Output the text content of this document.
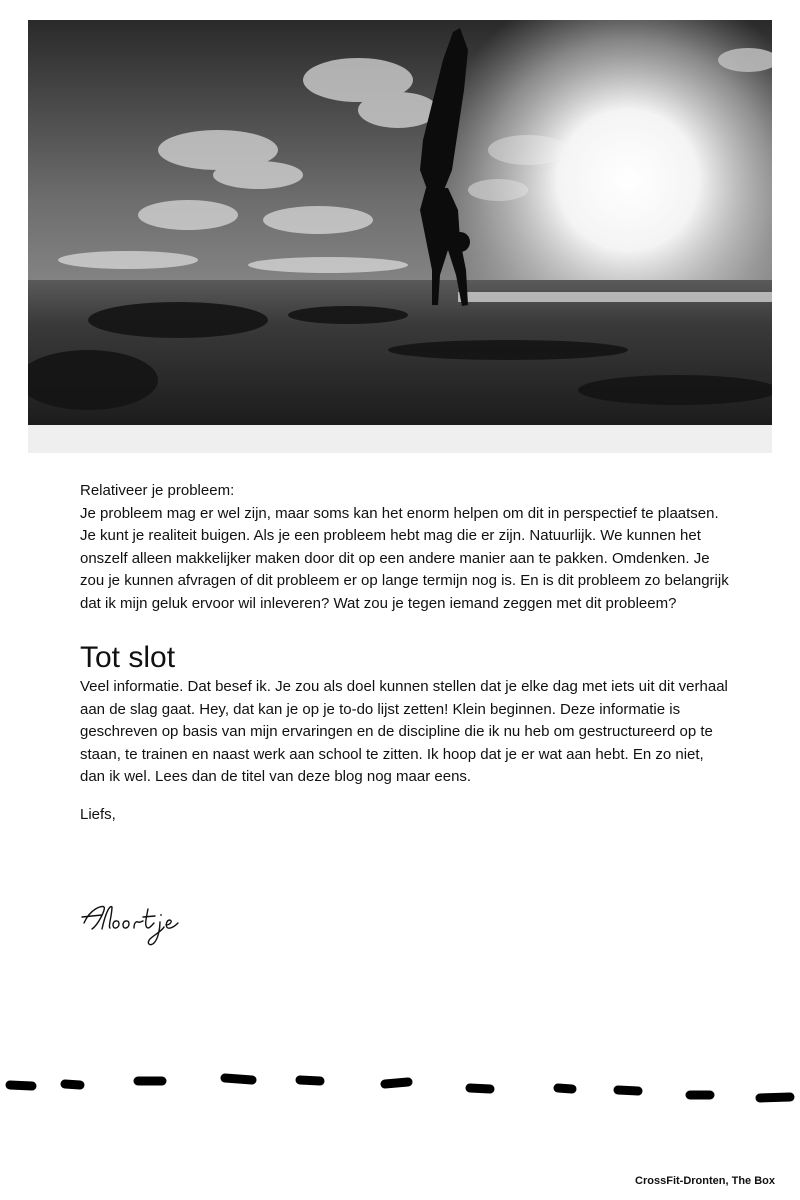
Relativeer je probleem:

Je probleem mag er wel zijn, maar soms kan het enorm helpen om dit in perspectief te plaatsen. Je kunt je realiteit buigen. Als je een probleem hebt mag die er zijn. Natuurlijk. We kunnen het onszelf alleen makkelijker maken door dit op een andere manier aan te pakken. Omdenken. Je zou je kunnen afvragen of dit probleem er op lange termijn nog is. En is dit probleem zo belangrijk dat ik mijn geluk ervoor wil inleveren? Wat zou je tegen iemand zeggen met dit probleem?

Tot slot

Veel informatie. Dat besef ik. Je zou als doel kunnen stellen dat je elke dag met iets uit dit verhaal aan de slag gaat. Hey, dat kan je op je to-do lijst zetten! Klein beginnen. Deze informatie is geschreven op basis van mijn ervaringen en de discipline die ik nu heb om gestructureerd op te staan, te trainen en naast werk aan school te zitten. Ik hoop dat je er wat aan hebt. En zo niet, dan ik wel. Lees dan de titel van deze blog nog maar eens.

Liefs,

CrossFit-Dronten, The Box
